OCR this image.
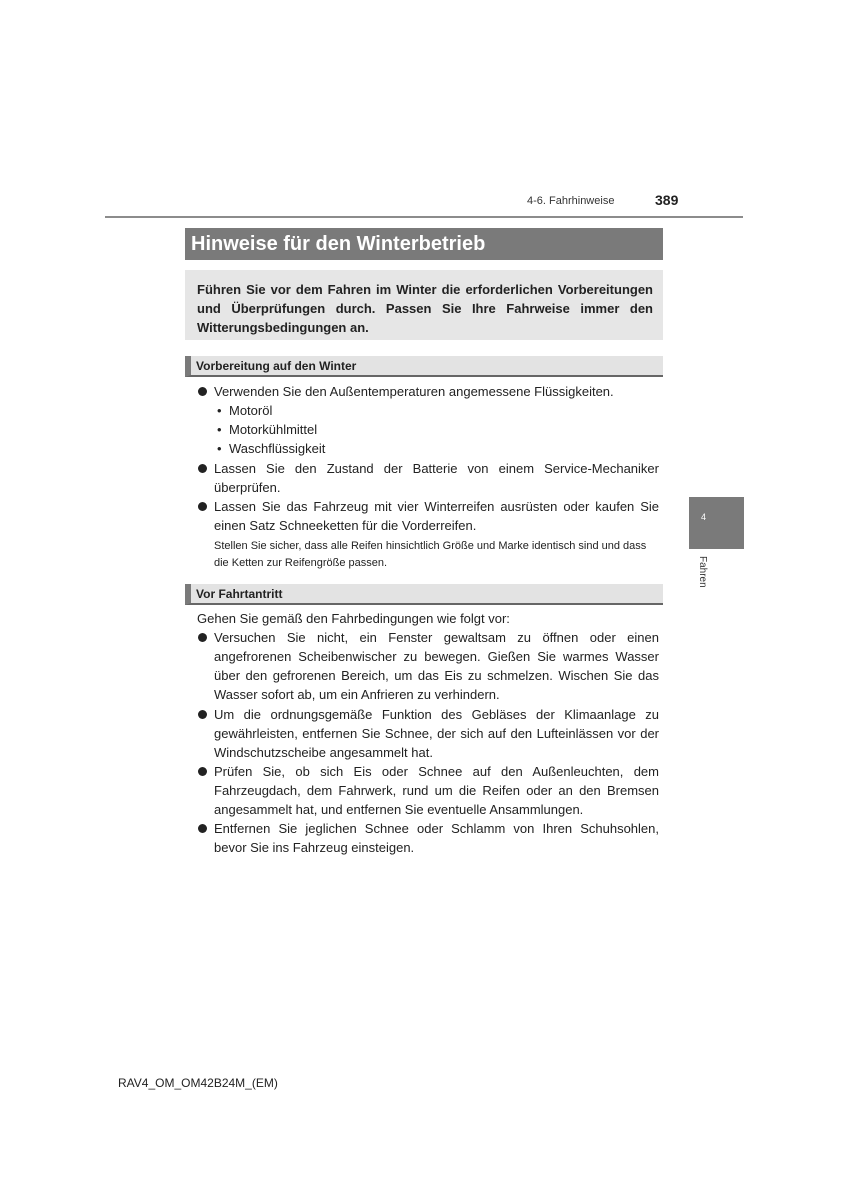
4-6. Fahrhinweise	389
Hinweise für den Winterbetrieb

Führen Sie vor dem Fahren im Winter die erforderlichen Vorbereitungen und Überprüfungen durch. Passen Sie Ihre Fahrweise immer den Witterungsbedingungen an.

Vorbereitung auf den Winter
Verwenden Sie den Außentemperaturen angemessene Flüssigkeiten.
• Motoröl
• Motorkühlmittel
• Waschflüssigkeit
Lassen Sie den Zustand der Batterie von einem Service-Mechaniker überprüfen.
Lassen Sie das Fahrzeug mit vier Winterreifen ausrüsten oder kaufen Sie einen Satz Schneeketten für die Vorderreifen.
Stellen Sie sicher, dass alle Reifen hinsichtlich Größe und Marke identisch sind und dass die Ketten zur Reifengröße passen.
Vor Fahrtantritt
Gehen Sie gemäß den Fahrbedingungen wie folgt vor:
Versuchen Sie nicht, ein Fenster gewaltsam zu öffnen oder einen angefrorenen Scheibenwischer zu bewegen. Gießen Sie warmes Wasser über den gefrorenen Bereich, um das Eis zu schmelzen. Wischen Sie das Wasser sofort ab, um ein Anfrieren zu verhindern.
Um die ordnungsgemäße Funktion des Gebläses der Klimaanlage zu gewährleisten, entfernen Sie Schnee, der sich auf den Lufteinlässen vor der Windschutzscheibe angesammelt hat.
Prüfen Sie, ob sich Eis oder Schnee auf den Außenleuchten, dem Fahrzeugdach, dem Fahrwerk, rund um die Reifen oder an den Bremsen angesammelt hat, und entfernen Sie eventuelle Ansammlungen.
Entfernen Sie jeglichen Schnee oder Schlamm von Ihren Schuhsohlen, bevor Sie ins Fahrzeug einsteigen.
4
Fahren
RAV4_OM_OM42B24M_(EM)
